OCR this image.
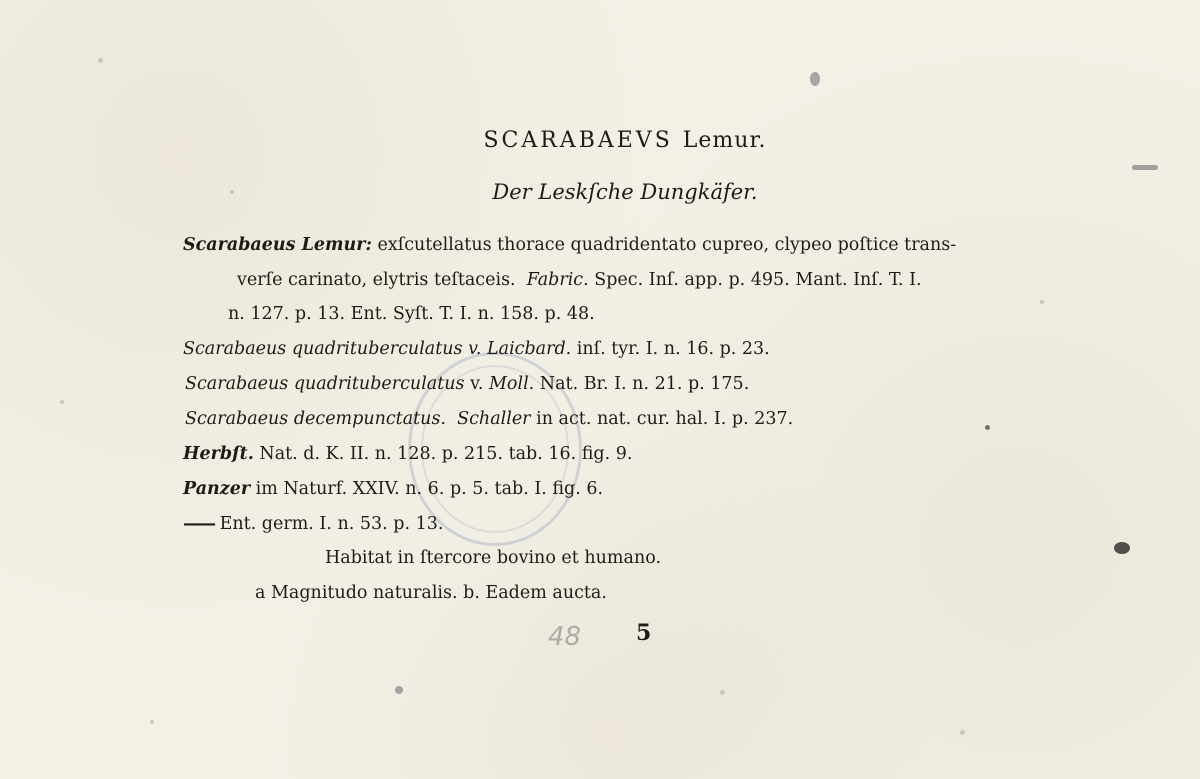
SCARABAEVS Lemur.
Der Leskſche Dungkäfer.
Scarabaeus Lemur: exſcutellatus thorace quadridentato cupreo, clypeo poſtice trans-
verſe carinato, elytris teſtaceis. Fabric. Spec. Inſ. app. p. 495. Mant. Inſ. T. I.
n. 127. p. 13. Ent. Syſt. T. I. n. 158. p. 48.
Scarabaeus quadrituberculatus v. Laicbard. inſ. tyr. I. n. 16. p. 23.
Scarabaeus quadrituberculatus v. Moll. Nat. Br. I. n. 21. p. 175.
Scarabaeus decempunctatus. Schaller in act. nat. cur. hal. I. p. 237.
Herbſt. Nat. d. K. II. n. 128. p. 215. tab. 16. fig. 9.
Panzer im Naturf. XXIV. n. 6. p. 5. tab. I. fig. 6.
—— Ent. germ. I. n. 53. p. 13.
Habitat in ſtercore bovino et humano.
a Magnitudo naturalis. b. Eadem aucta.
48 5
